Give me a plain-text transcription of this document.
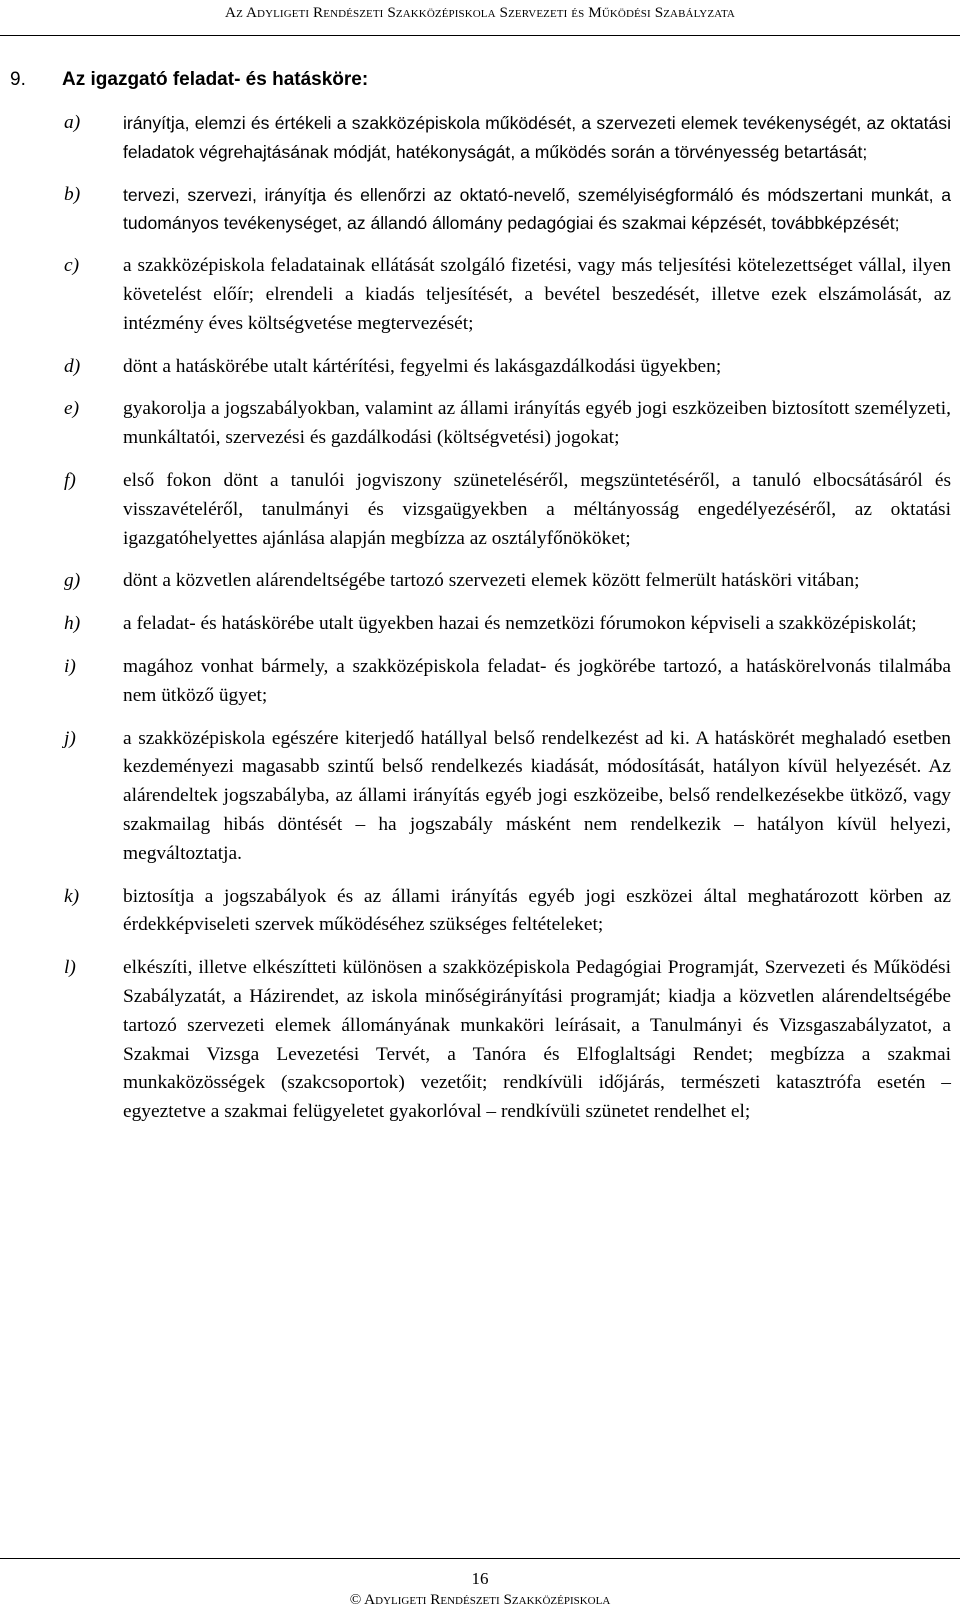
Az Adyligeti Rendészeti Szakközépiskola Szervezeti és Működési Szabályzata
9. Az igazgató feladat- és hatásköre:
a) irányítja, elemzi és értékeli a szakközépiskola működését, a szervezeti elemek tevékenységét, az oktatási feladatok végrehajtásának módját, hatékonyságát, a működés során a törvényesség betartását;
b) tervezi, szervezi, irányítja és ellenőrzi az oktató-nevelő, személyiségformáló és módszertani munkát, a tudományos tevékenységet, az állandó állomány pedagógiai és szakmai képzését, továbbképzését;
c) a szakközépiskola feladatainak ellátását szolgáló fizetési, vagy más teljesítési kötelezettséget vállal, ilyen követelést előír; elrendeli a kiadás teljesítését, a bevétel beszedését, illetve ezek elszámolását, az intézmény éves költségvetése megtervezését;
d) dönt a hatáskörébe utalt kártérítési, fegyelmi és lakásgazdálkodási ügyekben;
e) gyakorolja a jogszabályokban, valamint az állami irányítás egyéb jogi eszközeiben biztosított személyzeti, munkáltatói, szervezési és gazdálkodási (költségvetési) jogokat;
f) első fokon dönt a tanulói jogviszony szüneteléséről, megszüntetéséről, a tanuló elbocsátásáról és visszavételéről, tanulmányi és vizsgaügyekben a méltányosság engedélyezéséről, az oktatási igazgatóhelyettes ajánlása alapján megbízza az osztályfőnököket;
g) dönt a közvetlen alárendeltségébe tartozó szervezeti elemek között felmerült hatásköri vitában;
h) a feladat- és hatáskörébe utalt ügyekben hazai és nemzetközi fórumokon képviseli a szakközépiskolát;
i) magához vonhat bármely, a szakközépiskola feladat- és jogkörébe tartozó, a hatáskörelvonás tilalmába nem ütköző ügyet;
j) a szakközépiskola egészére kiterjedő hatállyal belső rendelkezést ad ki. A hatáskörét meghaladó esetben kezdeményezi magasabb szintű belső rendelkezés kiadását, módosítását, hatályon kívül helyezését. Az alárendeltek jogszabályba, az állami irányítás egyéb jogi eszközeibe, belső rendelkezésekbe ütköző, vagy szakmailag hibás döntését – ha jogszabály másként nem rendelkezik – hatályon kívül helyezi, megváltoztatja.
k) biztosítja a jogszabályok és az állami irányítás egyéb jogi eszközei által meghatározott körben az érdekképviseleti szervek működéséhez szükséges feltételeket;
l) elkészíti, illetve elkészítteti különösen a szakközépiskola Pedagógiai Programját, Szervezeti és Működési Szabályzatát, a Házirendet, az iskola minőségirányítási programját; kiadja a közvetlen alárendeltségébe tartozó szervezeti elemek állományának munkaköri leírásait, a Tanulmányi és Vizsgaszabályzatot, a Szakmai Vizsga Levezetési Tervét, a Tanóra és Elfoglaltsági Rendet; megbízza a szakmai munkaközösségek (szakcsoportok) vezetőit; rendkívüli időjárás, természeti katasztrófa esetén – egyeztetve a szakmai felügyeletet gyakorlóval – rendkívüli szünetet rendelhet el;
16
© Adyligeti Rendészeti Szakközépiskola
